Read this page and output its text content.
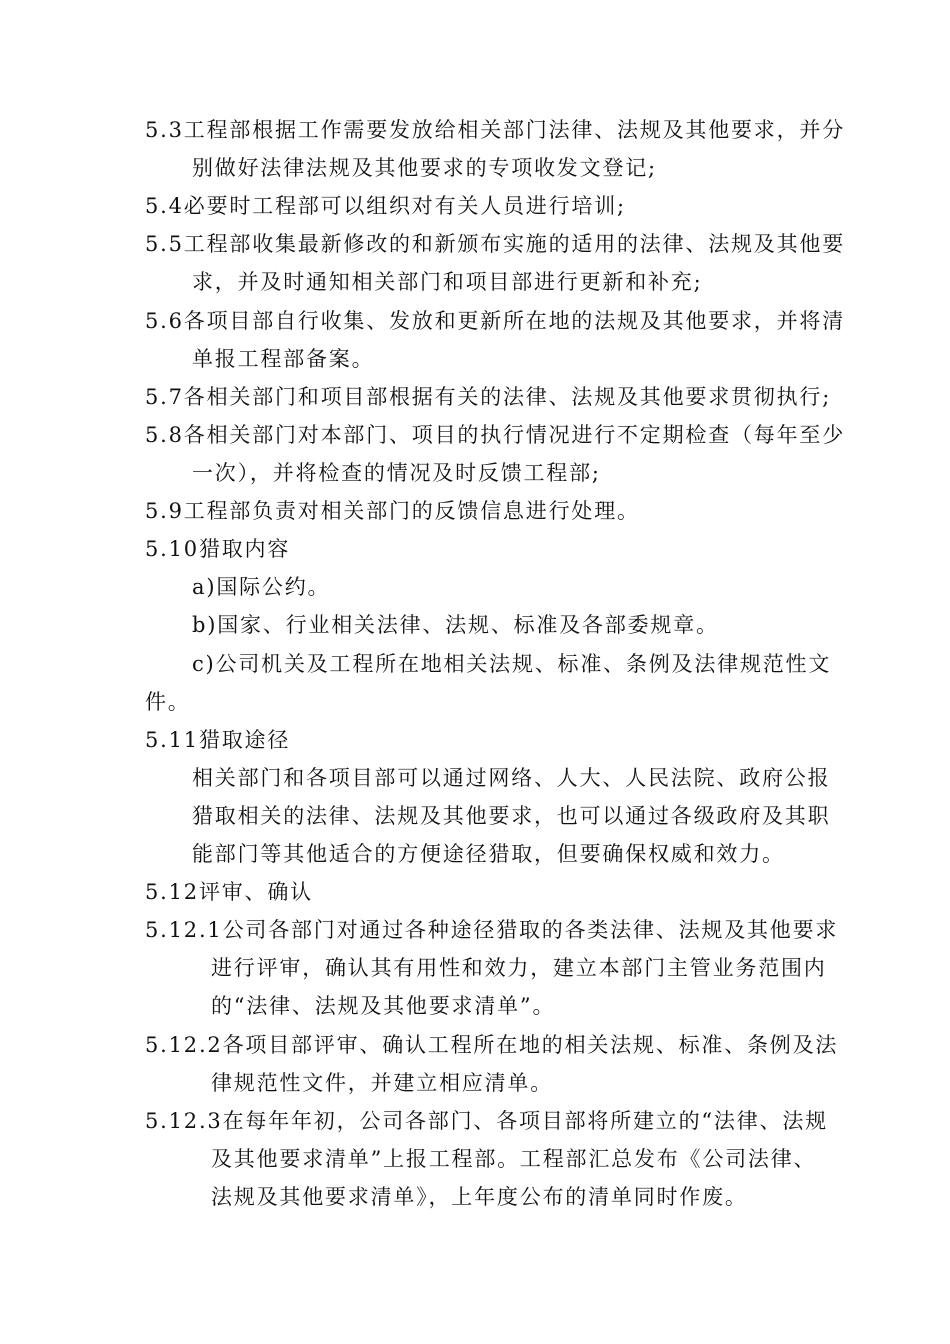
5.3工程部根据工作需要发放给相关部门法律、法规及其他要求，并分
别做好法律法规及其他要求的专项收发文登记;
5.4必要时工程部可以组织对有关人员进行培训;
5.5工程部收集最新修改的和新颁布实施的适用的法律、法规及其他要
求，并及时通知相关部门和项目部进行更新和补充;
5.6各项目部自行收集、发放和更新所在地的法规及其他要求，并将清
单报工程部备案。
5.7各相关部门和项目部根据有关的法律、法规及其他要求贯彻执行;
5.8各相关部门对本部门、项目的执行情况进行不定期检查（每年至少
一次），并将检查的情况及时反馈工程部;
5.9工程部负责对相关部门的反馈信息进行处理。
5.10猎取内容
a)国际公约。
b)国家、行业相关法律、法规、标准及各部委规章。
c)公司机关及工程所在地相关法规、标准、条例及法律规范性文
件。
5.11猎取途径
相关部门和各项目部可以通过网络、人大、人民法院、政府公报
猎取相关的法律、法规及其他要求，也可以通过各级政府及其职
能部门等其他适合的方便途径猎取，但要确保权威和效力。
5.12评审、确认
5.12.1公司各部门对通过各种途径猎取的各类法律、法规及其他要求
进行评审，确认其有用性和效力，建立本部门主管业务范围内
的“法律、法规及其他要求清单”。
5.12.2各项目部评审、确认工程所在地的相关法规、标准、条例及法
律规范性文件，并建立相应清单。
5.12.3在每年年初，公司各部门、各项目部将所建立的“法律、法规
及其他要求清单”上报工程部。工程部汇总发布《公司法律、
法规及其他要求清单》，上年度公布的清单同时作废。
